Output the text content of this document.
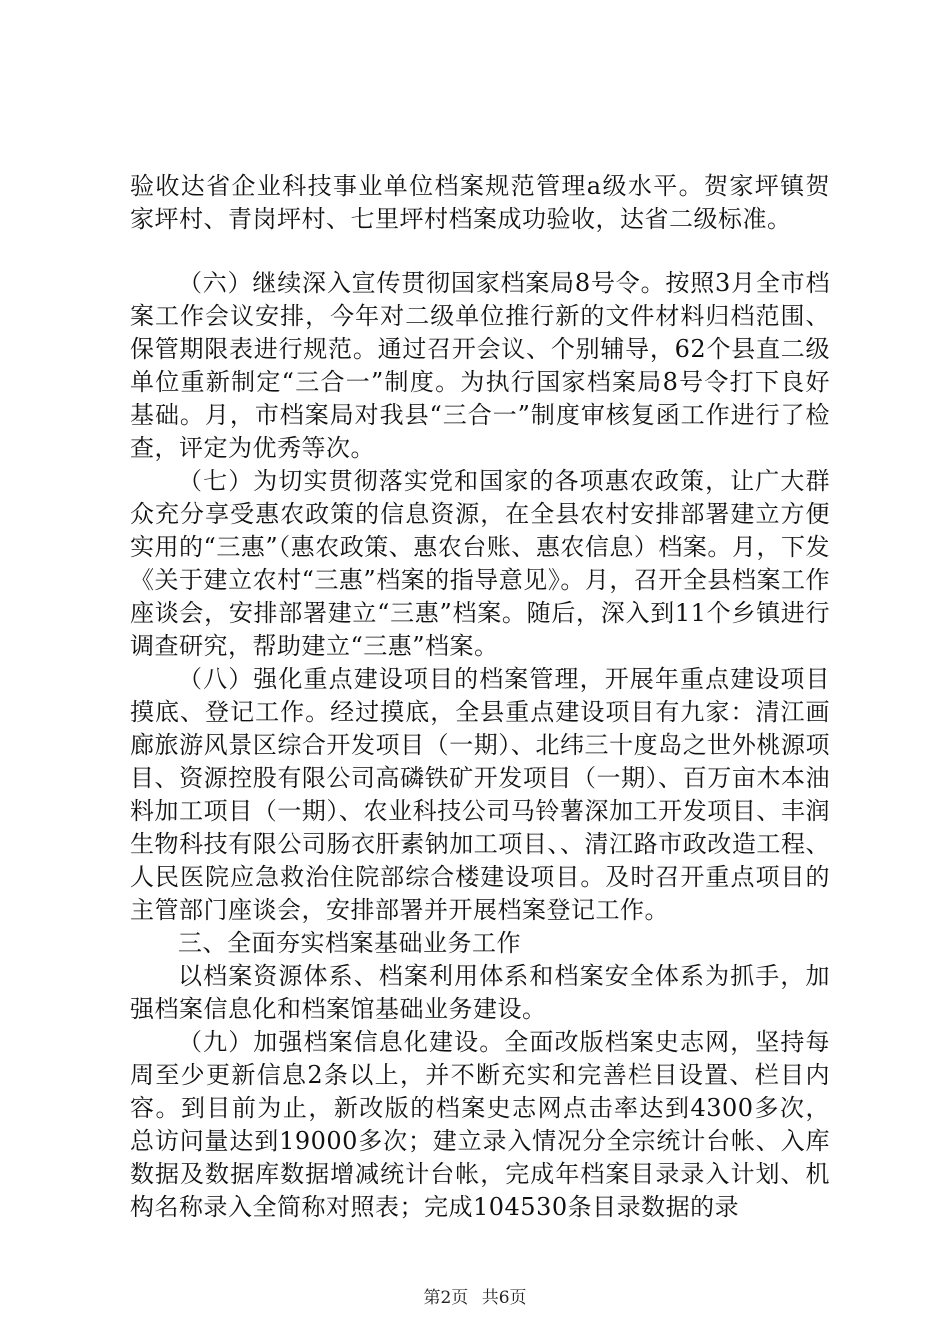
验收达省企业科技事业单位档案规范管理a级水平。贺家坪镇贺家坪村、青岗坪村、七里坪村档案成功验收，达省二级标准。

（六）继续深入宣传贯彻国家档案局8号令。按照3月全市档案工作会议安排，今年对二级单位推行新的文件材料归档范围、保管期限表进行规范。通过召开会议、个别辅导，62个县直二级单位重新制定“三合一”制度。为执行国家档案局8号令打下良好基础。月，市档案局对我县“三合一”制度审核复函工作进行了检查，评定为优秀等次。

（七）为切实贯彻落实党和国家的各项惠农政策，让广大群众充分享受惠农政策的信息资源，在全县农村安排部署建立方便实用的“三惠”（惠农政策、惠农台账、惠农信息）档案。月，下发《关于建立农村“三惠”档案的指导意见》。月，召开全县档案工作座谈会，安排部署建立“三惠”档案。随后，深入到11个乡镇进行调查研究，帮助建立“三惠”档案。

（八）强化重点建设项目的档案管理，开展年重点建设项目摸底、登记工作。经过摸底，全县重点建设项目有九家：清江画廊旅游风景区综合开发项目（一期）、北纬三十度岛之世外桃源项目、资源控股有限公司高磷铁矿开发项目（一期）、百万亩木本油料加工项目（一期）、农业科技公司马铃薯深加工开发项目、丰润生物科技有限公司肠衣肝素钠加工项目、、清江路市政改造工程、人民医院应急救治住院部综合楼建设项目。及时召开重点项目的主管部门座谈会，安排部署并开展档案登记工作。

三、全面夯实档案基础业务工作

以档案资源体系、档案利用体系和档案安全体系为抓手，加强档案信息化和档案馆基础业务建设。

（九）加强档案信息化建设。全面改版档案史志网，坚持每周至少更新信息2条以上，并不断充实和完善栏目设置、栏目内容。到目前为止，新改版的档案史志网点击率达到4300多次，总访问量达到19000多次；建立录入情况分全宗统计台帐、入库数据及数据库数据增减统计台帐，完成年档案目录录入计划、机构名称录入全简称对照表；完成104530条目录数据的录

第2页 共6页
